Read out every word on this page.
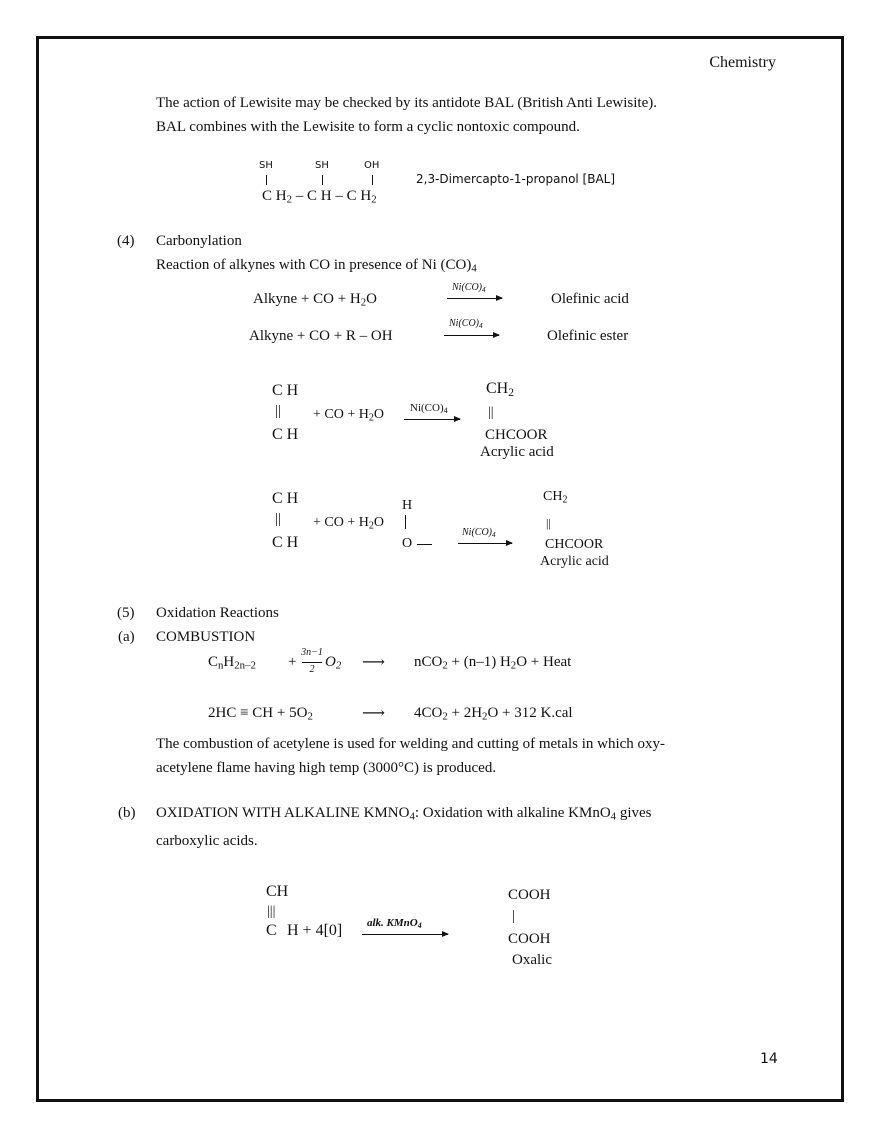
Chemistry
The action of Lewisite may be checked by its antidote BAL (British Anti Lewisite).
BAL combines with the Lewisite to form a cyclic nontoxic compound.
SH	SH	OH
C $H_2$ – C H – C $H_2$
2,3-Dimercapto-1-propanol [BAL]
(4) Carbonylation
Reaction of alkynes with CO in presence of Ni $(CO)_4$
Alkyne + CO + $H_2O$
$Ni(CO)_4$
Olefinic acid
Alkyne + CO + R – OH
$Ni(CO)_4$
Olefinic ester
C H
||
C H
+ CO + $H_2O$ $Ni(CO)_4$
$CH_2$
||
CHCOOR
Acrylic acid
C H
||
C H
+ CO + $H_2O$
H
O
$Ni(CO)_4$
$CH_2$
||
CHCOOR
Acrylic acid
(5) Oxidation Reactions
(a) COMBUSTION
$C_nH_{2n-2}$ +
3n−1
2 $O_2$ ⟶ nCO$_2$ + (n–1) $H_2O$ + Heat
2HC ≡ CH + $5O_2$	⟶ $4CO_2 + 2H_2O + 312$ K.cal
The combustion of acetylene is used for welding and cutting of metals in which oxy-
acetylene flame having high temp (3000°C) is produced.
(b) OXIDATION WITH ALKALINE $KMNO_4$: Oxidation with alkaline KMnO$_4$ gives
carboxylic acids.
CH
|||
C H + 4[0] alk. KMnO$_4$
COOH
|
COOH
Oxalic
14
